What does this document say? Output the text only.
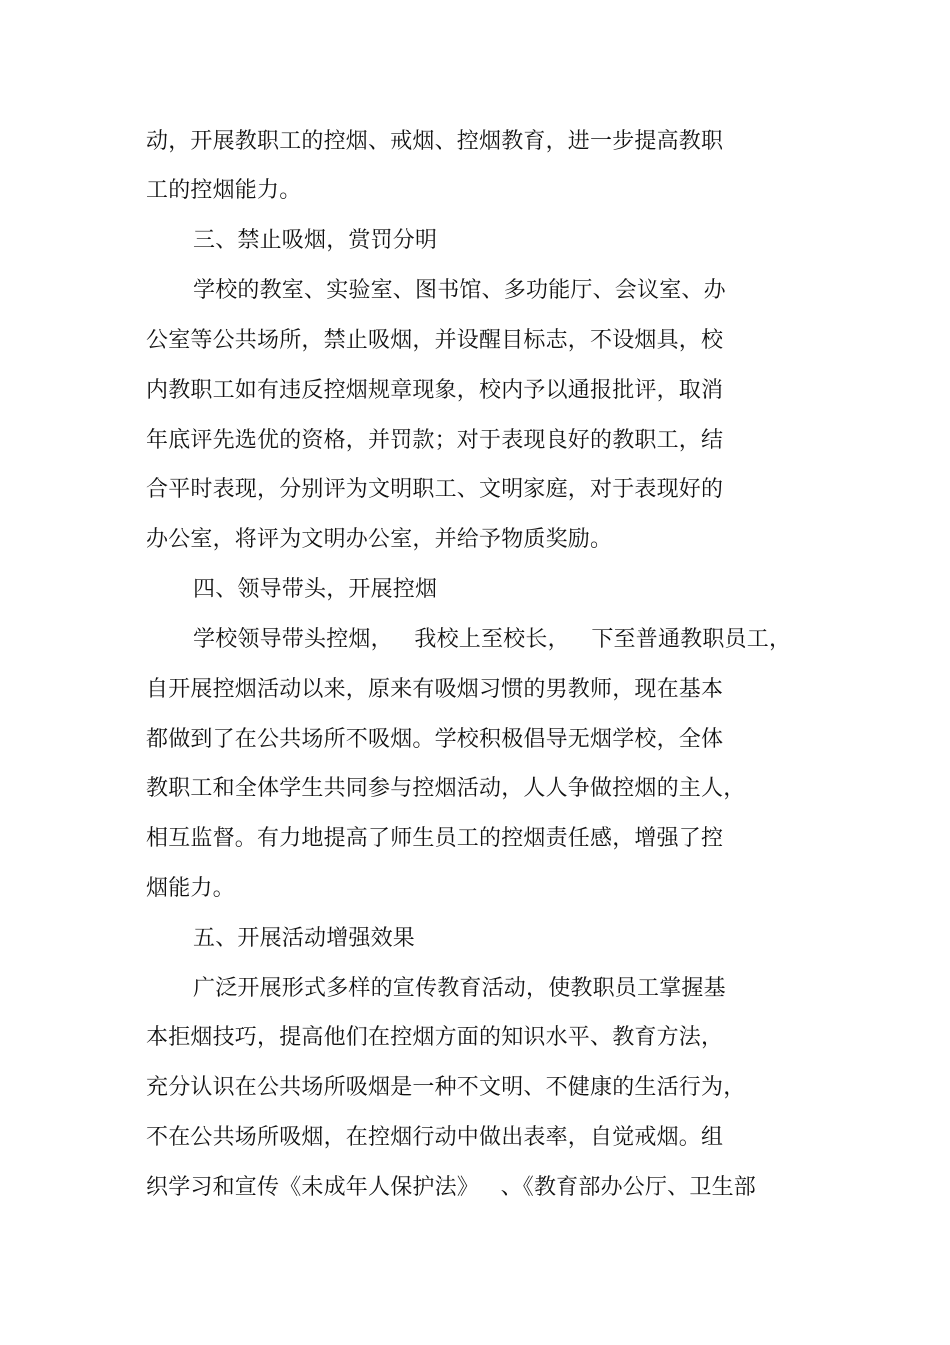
动，开展教职工的控烟、戒烟、控烟教育，进一步提高教职
工的控烟能力。
三、禁止吸烟，赏罚分明
学校的教室、实验室、图书馆、多功能厅、会议室、办
公室等公共场所，禁止吸烟，并设醒目标志，不设烟具，校
内教职工如有违反控烟规章现象，校内予以通报批评，取消
年底评先选优的资格，并罚款；对于表现良好的教职工，结
合平时表现，分别评为文明职工、文明家庭，对于表现好的
办公室，将评为文明办公室，并给予物质奖励。
四、领导带头，开展控烟
学校领导带头控烟，   我校上至校长，   下至普通教职员工，
自开展控烟活动以来，原来有吸烟习惯的男教师，现在基本
都做到了在公共场所不吸烟。学校积极倡导无烟学校，全体
教职工和全体学生共同参与控烟活动，人人争做控烟的主人，
相互监督。有力地提高了师生员工的控烟责任感，增强了控
烟能力。
五、开展活动增强效果
广泛开展形式多样的宣传教育活动，使教职员工掌握基
本拒烟技巧，提高他们在控烟方面的知识水平、教育方法，
充分认识在公共场所吸烟是一种不文明、不健康的生活行为，
不在公共场所吸烟，在控烟行动中做出表率，自觉戒烟。组
织学习和宣传《未成年人保护法》   、《教育部办公厅、卫生部
